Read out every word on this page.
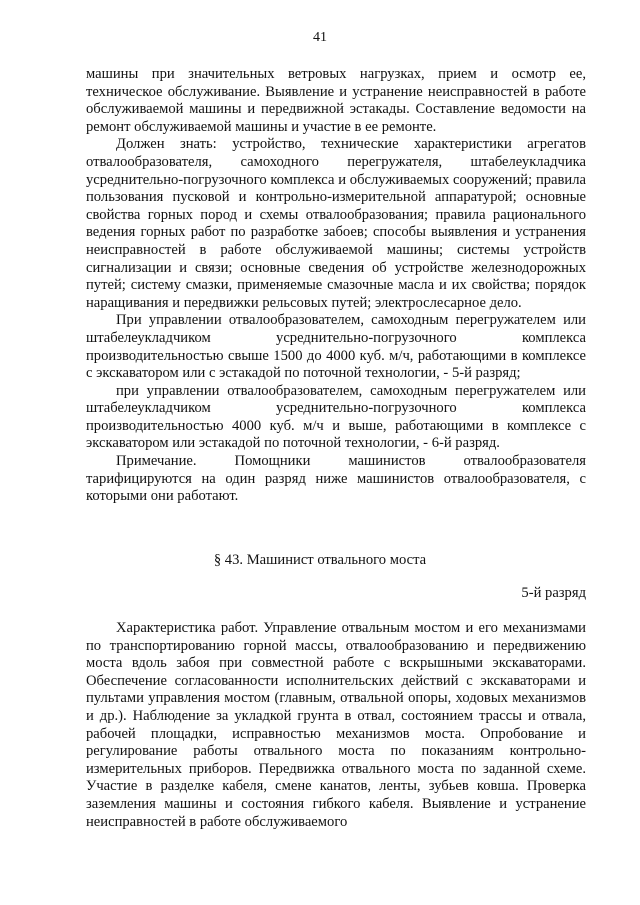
41

машины при значительных ветровых нагрузках, прием и осмотр ее, техническое обслуживание. Выявление и устранение неисправностей в работе обслуживаемой машины и передвижной эстакады. Составление ведомости на ремонт обслуживаемой машины и участие в ее ремонте.

Должен знать: устройство, технические характеристики агрегатов отвалообразователя, самоходного перегружателя, штабелеукладчика усреднительно-погрузочного комплекса и обслуживаемых сооружений; правила пользования пусковой и контрольно-измерительной аппаратурой; основные свойства горных пород и схемы отвалообразования; правила рационального ведения горных работ по разработке забоев; способы выявления и устранения неисправностей в работе обслуживаемой машины; системы устройств сигнализации и связи; основные сведения об устройстве железнодорожных путей; систему смазки, применяемые смазочные масла и их свойства; порядок наращивания и передвижки рельсовых путей; электрослесарное дело.

При управлении отвалообразователем, самоходным перегружателем или штабелеукладчиком усреднительно-погрузочного комплекса производительностью свыше 1500 до 4000 куб. м/ч, работающими в комплексе с экскаватором или с эстакадой по поточной технологии, - 5-й разряд;

при управлении отвалообразователем, самоходным перегружателем или штабелеукладчиком усреднительно-погрузочного комплекса производительностью 4000 куб. м/ч и выше, работающими в комплексе с экскаватором или эстакадой по поточной технологии, - 6-й разряд.

Примечание. Помощники машинистов отвалообразователя тарифицируются на один разряд ниже машинистов отвалообразователя, с которыми они работают.

§ 43. Машинист отвального моста
5-й разряд

Характеристика работ. Управление отвальным мостом и его механизмами по транспортированию горной массы, отвалообразованию и передвижению моста вдоль забоя при совместной работе с вскрышными экскаваторами. Обеспечение согласованности исполнительских действий с экскаваторами и пультами управления мостом (главным, отвальной опоры, ходовых механизмов и др.). Наблюдение за укладкой грунта в отвал, состоянием трассы и отвала, рабочей площадки, исправностью механизмов моста. Опробование и регулирование работы отвального моста по показаниям контрольно-измерительных приборов. Передвижка отвального моста по заданной схеме. Участие в разделке кабеля, смене канатов, ленты, зубьев ковша. Проверка заземления машины и состояния гибкого кабеля. Выявление и устранение неисправностей в работе обслуживаемого
